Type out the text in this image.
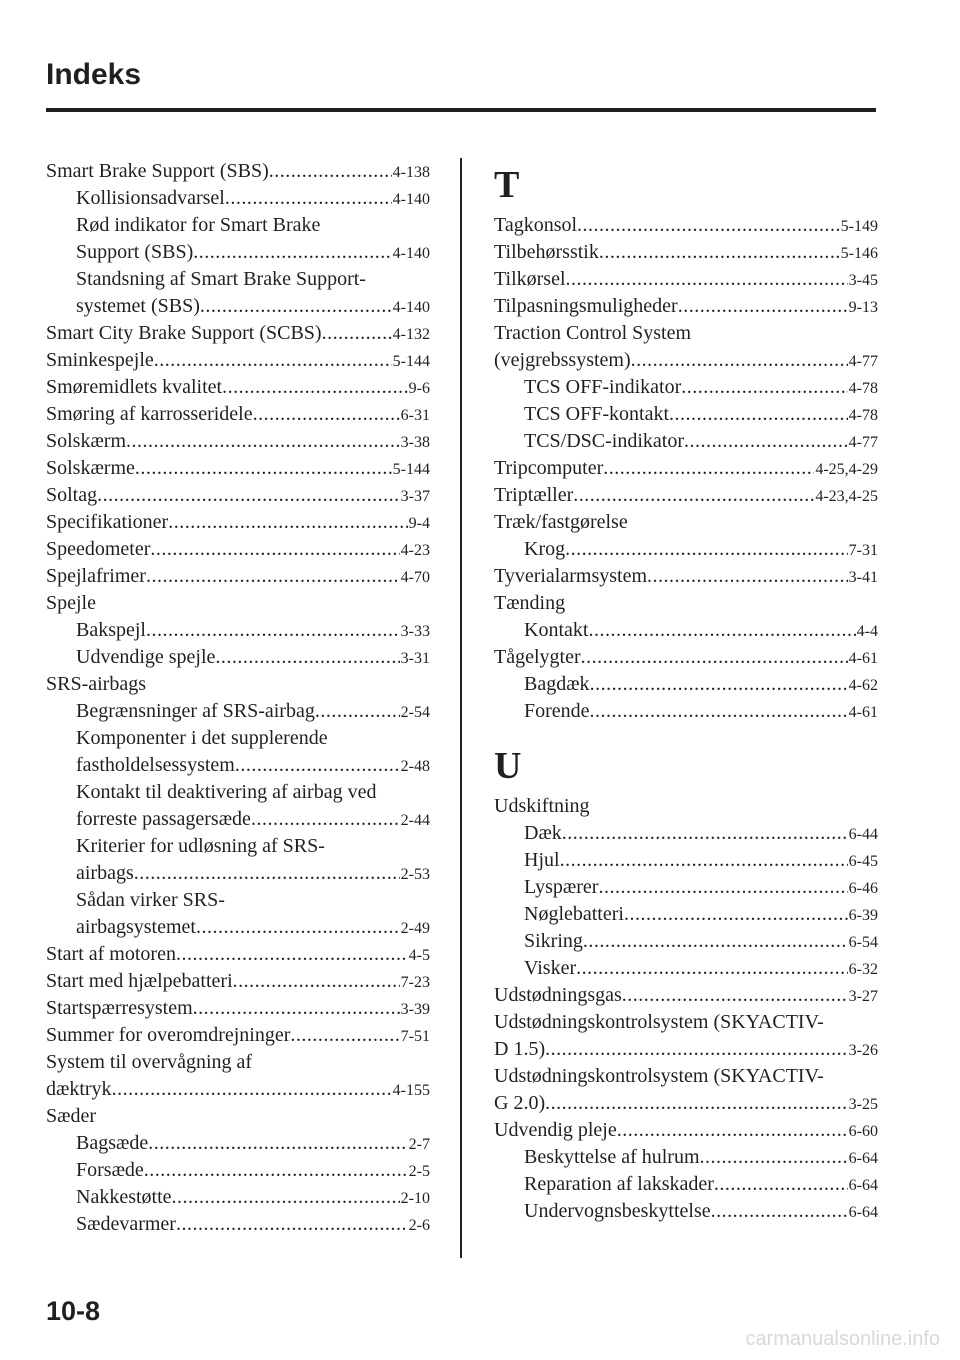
Indeks
Smart Brake Support (SBS) .....	4-138
Kollisionsadvarsel .....	4-140
Rød indikator for Smart Brake
Support (SBS) .....	4-140
Standsning af Smart Brake Support-
systemet (SBS) .....	4-140
Smart City Brake Support (SCBS) .....	4-132
Sminkespejle .....	5-144
Smøremidlets kvalitet .....	9-6
Smøring af karrosseridele .....	6-31
Solskærm .....	3-38
Solskærme .....	5-144
Soltag .....	3-37
Specifikationer .....	9-4
Speedometer .....	4-23
Spejlafrimer .....	4-70
Spejle
Bakspejl .....	3-33
Udvendige spejle .....	3-31
SRS-airbags
Begrænsninger af SRS-airbag .....	2-54
Komponenter i det supplerende
fastholdelsessystem .....	2-48
Kontakt til deaktivering af airbag ved
forreste passagersæde .....	2-44
Kriterier for udløsning af SRS-
airbags .....	2-53
Sådan virker SRS-
airbagsystemet .....	2-49
Start af motoren .....	4-5
Start med hjælpebatteri .....	7-23
Startspærresystem .....	3-39
Summer for overomdrejninger .....	7-51
System til overvågning af
dæktryk .....	4-155
Sæder
Bagsæde .....	2-7
Forsæde .....	2-5
Nakkestøtte .....	2-10
Sædevarmer .....	2-6
T
Tagkonsol .....	5-149
Tilbehørsstik .....	5-146
Tilkørsel .....	3-45
Tilpasningsmuligheder .....	9-13
Traction Control System
(vejgrebssystem) .....	4-77
TCS OFF-indikator .....	4-78
TCS OFF-kontakt .....	4-78
TCS/DSC-indikator .....	4-77
Tripcomputer .....	4-25,4-29
Triptæller .....	4-23,4-25
Træk/fastgørelse
Krog .....	7-31
Tyverialarmsystem .....	3-41
Tænding
Kontakt .....	4-4
Tågelygter .....	4-61
Bagdæk .....	4-62
Forende .....	4-61
U
Udskiftning
Dæk .....	6-44
Hjul .....	6-45
Lyspærer .....	6-46
Nøglebatteri .....	6-39
Sikring .....	6-54
Visker .....	6-32
Udstødningsgas .....	3-27
Udstødningskontrolsystem (SKYACTIV-
D 1.5) .....	3-26
Udstødningskontrolsystem (SKYACTIV-
G 2.0) .....	3-25
Udvendig pleje .....	6-60
Beskyttelse af hulrum .....	6-64
Reparation af lakskader .....	6-64
Undervognsbeskyttelse .....	6-64
10-8
carmanualsonline.info
